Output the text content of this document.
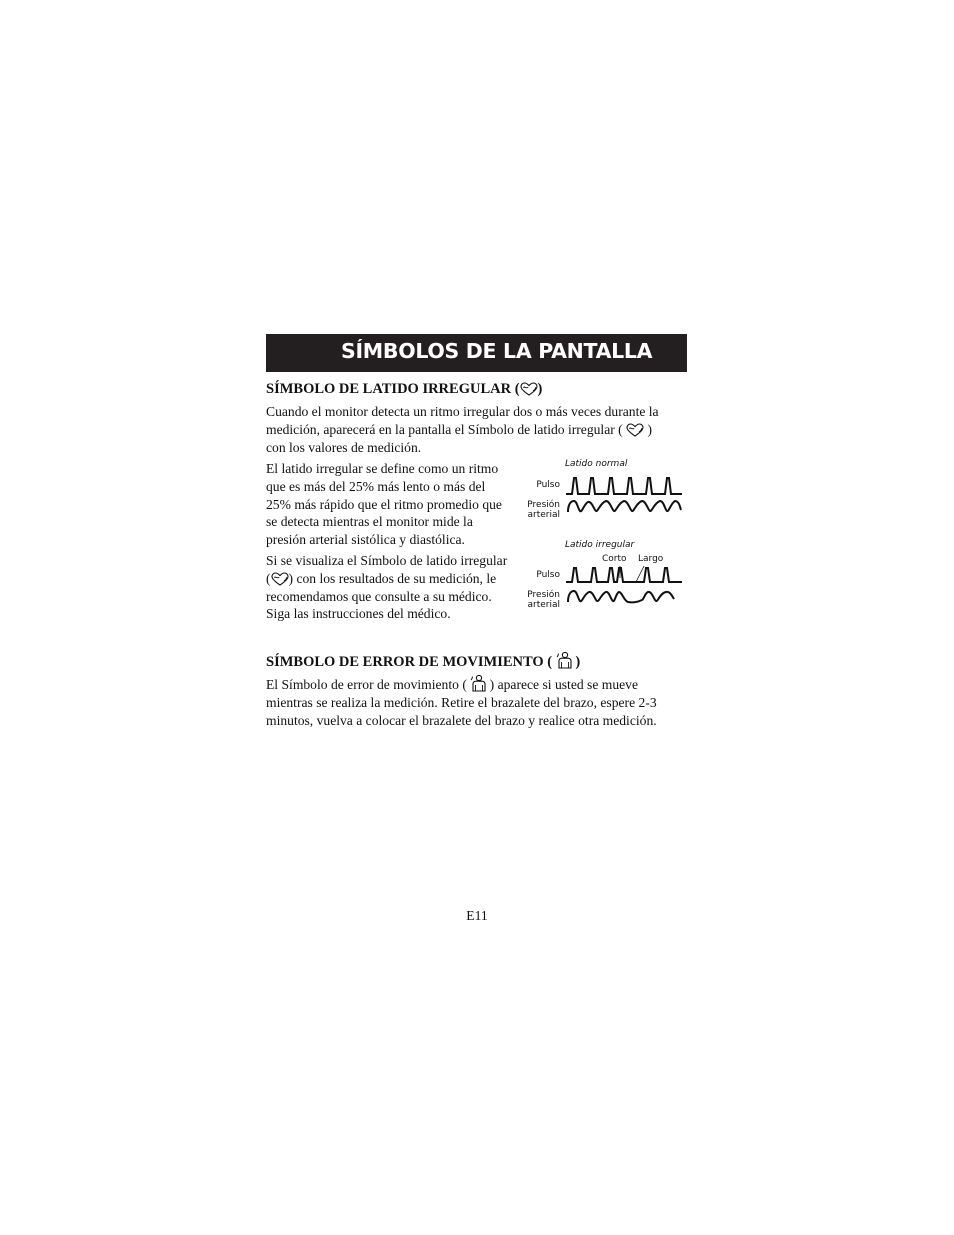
SÍMBOLOS DE LA PANTALLA
SÍMBOLO DE LATIDO IRREGULAR ( )
Cuando el monitor detecta un ritmo irregular dos o más veces durante la
medición, aparecerá en la pantalla el Símbolo de latido irregular ( )
con los valores de medición.
El latido irregular se define como un ritmo
que es más del 25% más lento o más del
25% más rápido que el ritmo promedio que
se detecta mientras el monitor mide la
presión arterial sistólica y diastólica.
Si se visualiza el Símbolo de latido irregular
( ) con los resultados de su medición, le
recomendamos que consulte a su médico.
Siga las instrucciones del médico.
Latido normal
Pulso
Presión
arterial
Latido irregular
Corto Largo
Pulso
Presión
arterial
SÍMBOLO DE ERROR DE MOVIMIENTO ( )
El Símbolo de error de movimiento ( ) aparece si usted se mueve
mientras se realiza la medición. Retire el brazalete del brazo, espere 2-3
minutos, vuelva a colocar el brazalete del brazo y realice otra medición.
E11
